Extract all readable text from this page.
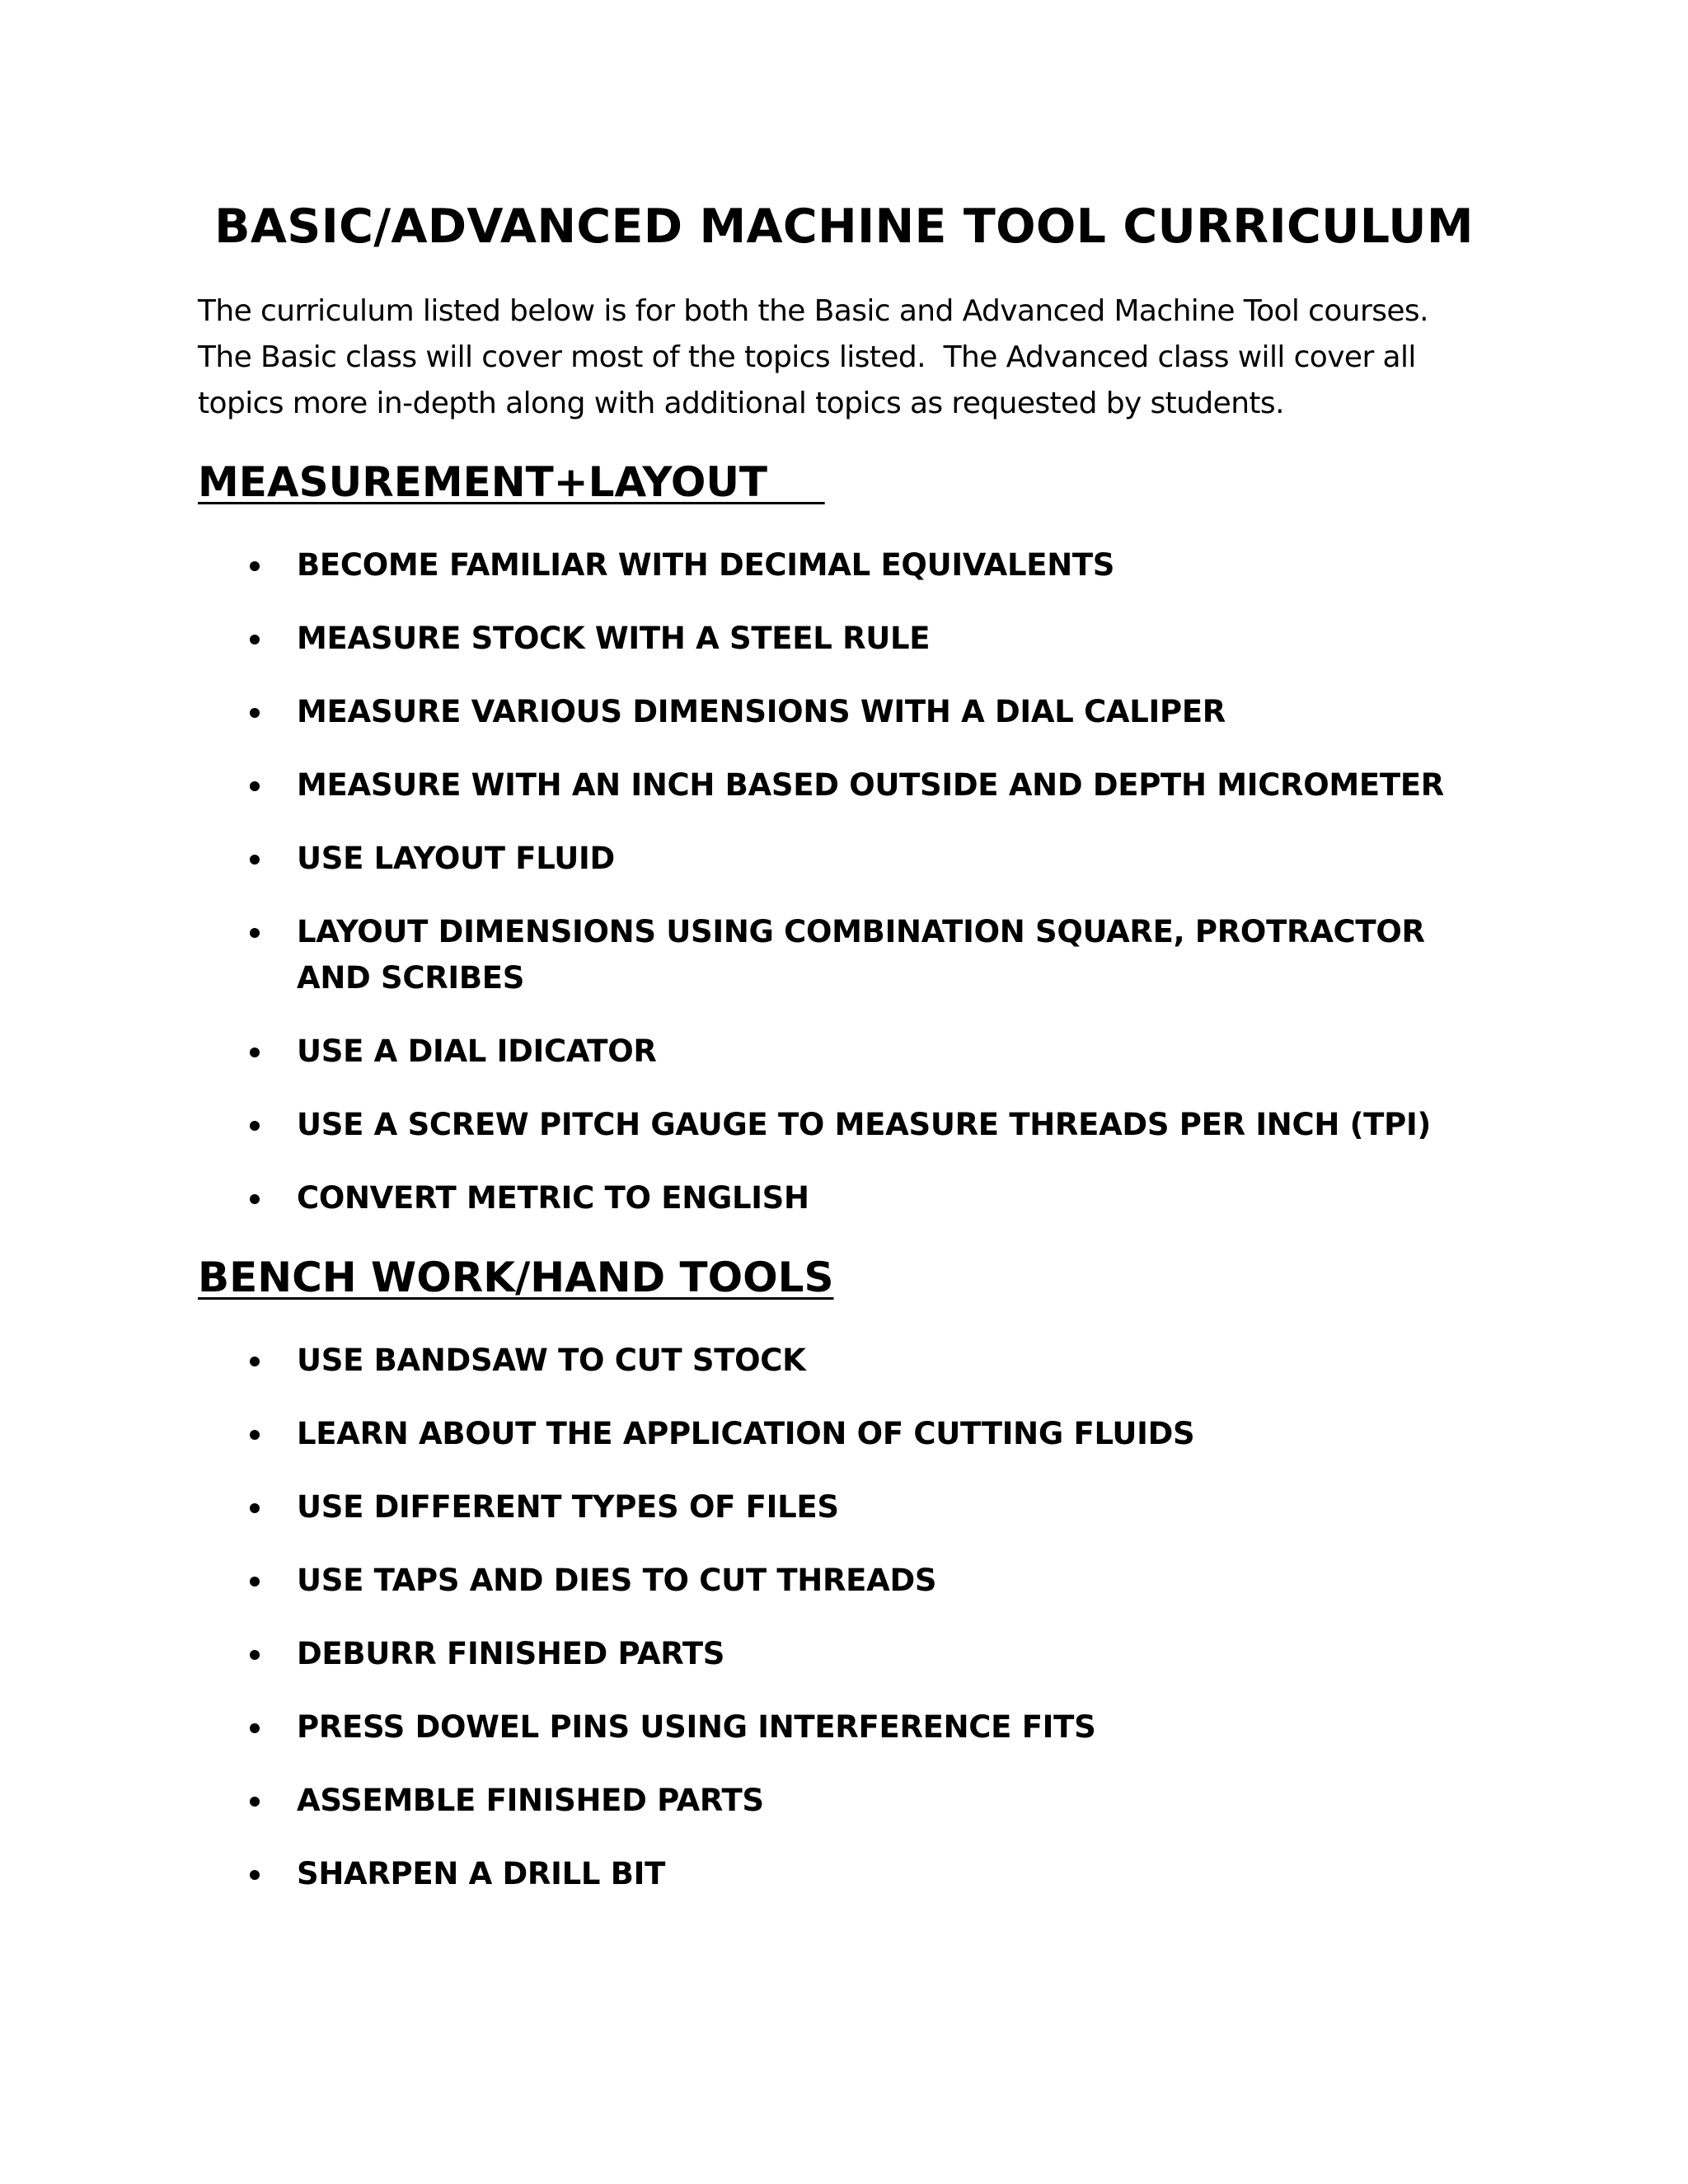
BASIC/ADVANCED MACHINE TOOL CURRICULUM

The curriculum listed below is for both the Basic and Advanced Machine Tool courses.
The Basic class will cover most of the topics listed.  The Advanced class will cover all
topics more in-depth along with additional topics as requested by students.

MEASUREMENT+LAYOUT
BECOME FAMILIAR WITH DECIMAL EQUIVALENTS
MEASURE STOCK WITH A STEEL RULE
MEASURE VARIOUS DIMENSIONS WITH A DIAL CALIPER
MEASURE WITH AN INCH BASED OUTSIDE AND DEPTH MICROMETER
USE LAYOUT FLUID
LAYOUT DIMENSIONS USING COMBINATION SQUARE, PROTRACTOR AND SCRIBES
USE A DIAL IDICATOR
USE A SCREW PITCH GAUGE TO MEASURE THREADS PER INCH (TPI)
CONVERT METRIC TO ENGLISH
BENCH WORK/HAND TOOLS
USE BANDSAW TO CUT STOCK
LEARN ABOUT THE APPLICATION OF CUTTING FLUIDS
USE DIFFERENT TYPES OF FILES
USE TAPS AND DIES TO CUT THREADS
DEBURR FINISHED PARTS
PRESS DOWEL PINS USING INTERFERENCE FITS
ASSEMBLE FINISHED PARTS
SHARPEN A DRILL BIT
